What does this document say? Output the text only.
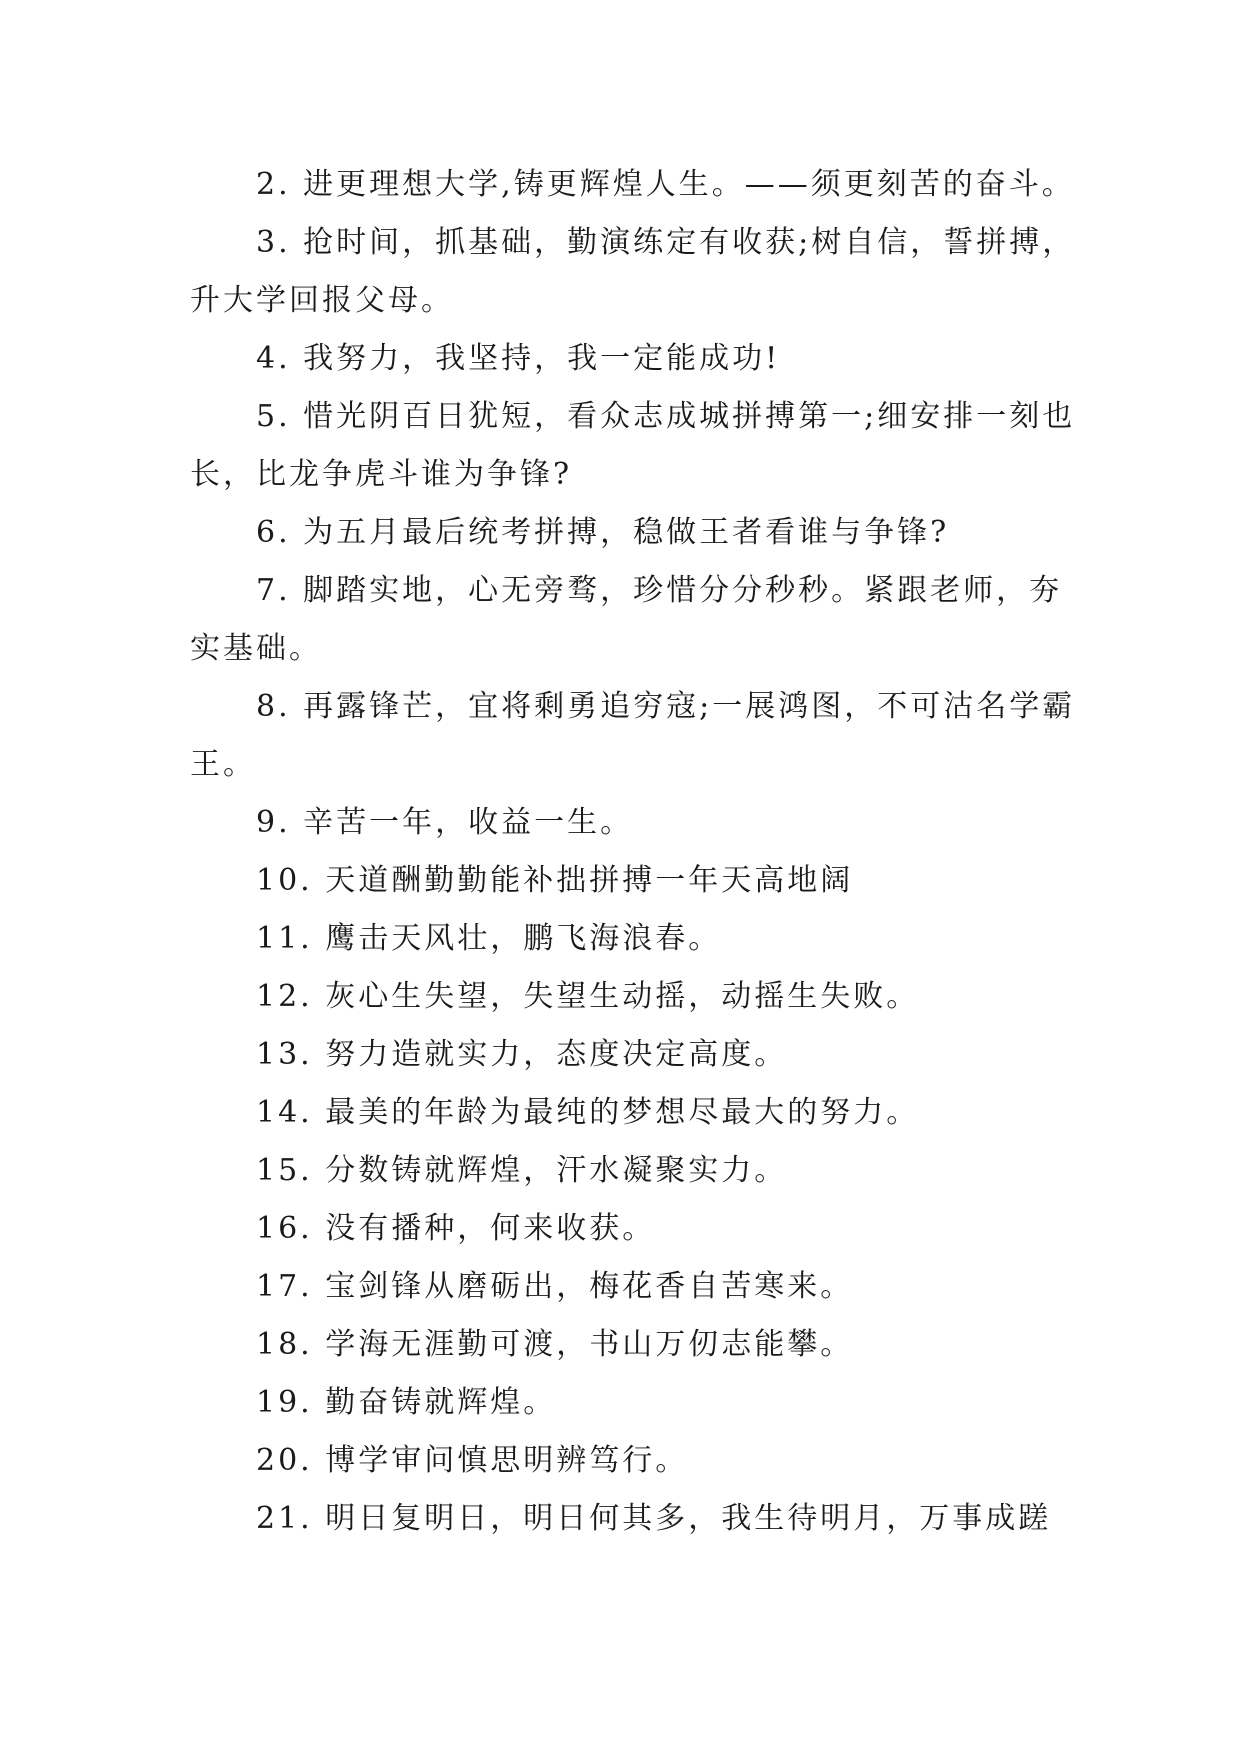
2. 进更理想大学,铸更辉煌人生。——须更刻苦的奋斗。

3. 抢时间，抓基础，勤演练定有收获;树自信，誓拼搏，升大学回报父母。

4. 我努力，我坚持，我一定能成功!

5. 惜光阴百日犹短，看众志成城拼搏第一;细安排一刻也长，比龙争虎斗谁为争锋?

6. 为五月最后统考拼搏，稳做王者看谁与争锋?

7. 脚踏实地，心无旁骛，珍惜分分秒秒。紧跟老师，夯实基础。

8. 再露锋芒，宜将剩勇追穷寇;一展鸿图，不可沽名学霸王。

9. 辛苦一年，收益一生。

10. 天道酬勤勤能补拙拼搏一年天高地阔

11. 鹰击天风壮，鹏飞海浪春。

12. 灰心生失望，失望生动摇，动摇生失败。

13. 努力造就实力，态度决定高度。

14. 最美的年龄为最纯的梦想尽最大的努力。

15. 分数铸就辉煌，汗水凝聚实力。

16. 没有播种，何来收获。

17. 宝剑锋从磨砺出，梅花香自苦寒来。

18. 学海无涯勤可渡，书山万仞志能攀。

19. 勤奋铸就辉煌。

20. 博学审问慎思明辨笃行。

21. 明日复明日，明日何其多，我生待明月，万事成蹉
